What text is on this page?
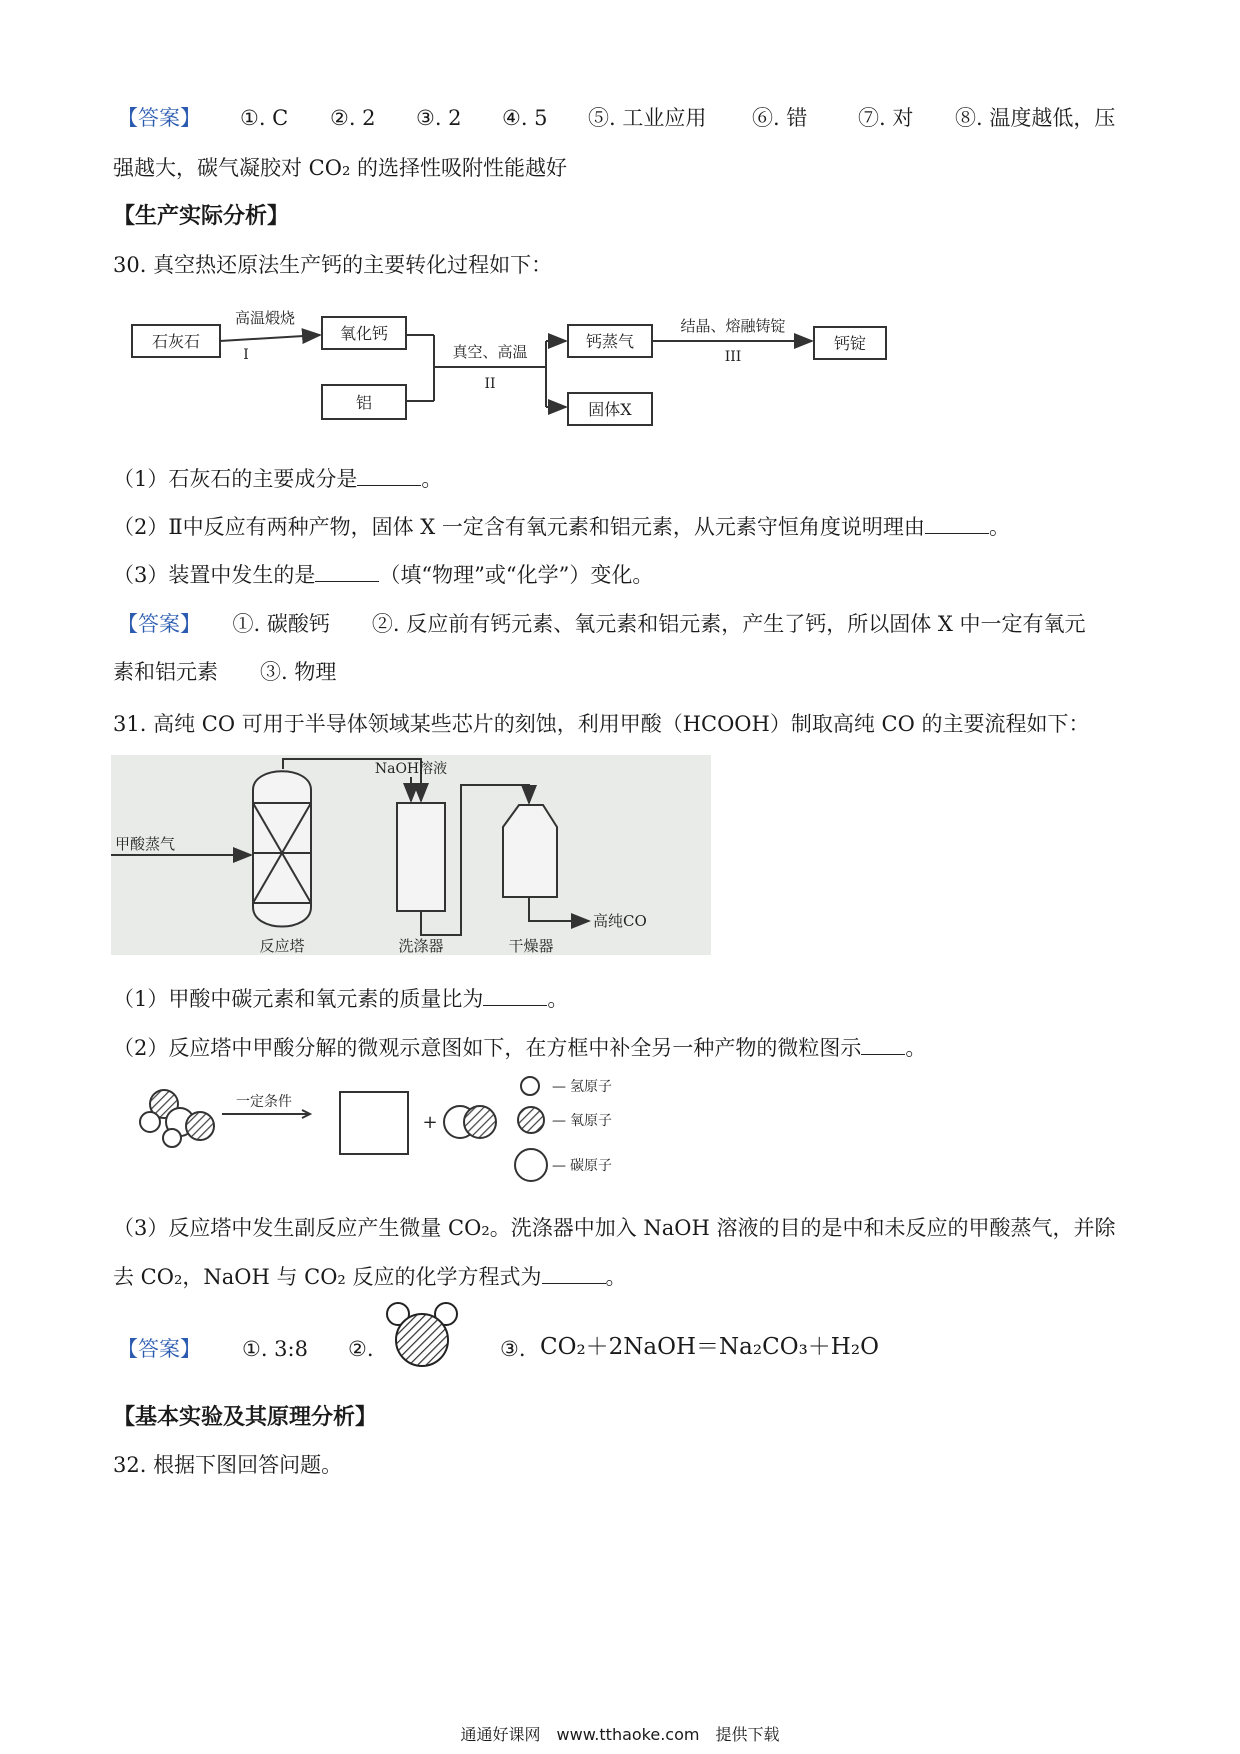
【答案】 ①. C ②. 2 ③. 2 ④. 5 ⑤. 工业应用 ⑥. 错 ⑦. 对 ⑧. 温度越低，压
强越大，碳气凝胶对 CO₂ 的选择性吸附性能越好
【生产实际分析】
30. 真空热还原法生产钙的主要转化过程如下：
石灰石	氧化钙
铝
钙蒸气
固体X
钙锭
高温煅烧
I	真空、高温
II
结晶、熔融铸锭
III
（1）石灰石的主要成分是	。
（2）Ⅱ中反应有两种产物，固体 X 一定含有氧元素和铝元素，从元素守恒角度说明理由	。
（3）装置中发生的是	（填“物理”或“化学”）变化。
【答案】　　 ①. 碳酸钙　　②. 反应前有钙元素、氧元素和铝元素，产生了钙，所以固体 X 中一定有氧元
素和铝元素　　③. 物理
31. 高纯 CO 可用于半导体领域某些芯片的刻蚀，利用甲酸（HCOOH）制取高纯 CO 的主要流程如下：
甲酸蒸气
反应塔
NaOH溶液
洗涤器	干燥器
高纯CO
（1）甲酸中碳元素和氧元素的质量比为	。
（2）反应塔中甲酸分解的微观示意图如下，在方框中补全另一种产物的微粒图示 。
一定条件
+
— 氢原子
— 氧原子
— 碳原子
（3）反应塔中发生副反应产生微量 CO₂。洗涤器中加入 NaOH 溶液的目的是中和未反应的甲酸蒸气，并除
去 CO₂，NaOH 与 CO₂ 反应的化学方程式为	。
【答案】 ①. 3:8 ②.	③. CO₂＋2NaOH＝Na₂CO₃＋H₂O
【基本实验及其原理分析】
32. 根据下图回答问题。
通通好课网　www.tthaoke.com　提供下载
